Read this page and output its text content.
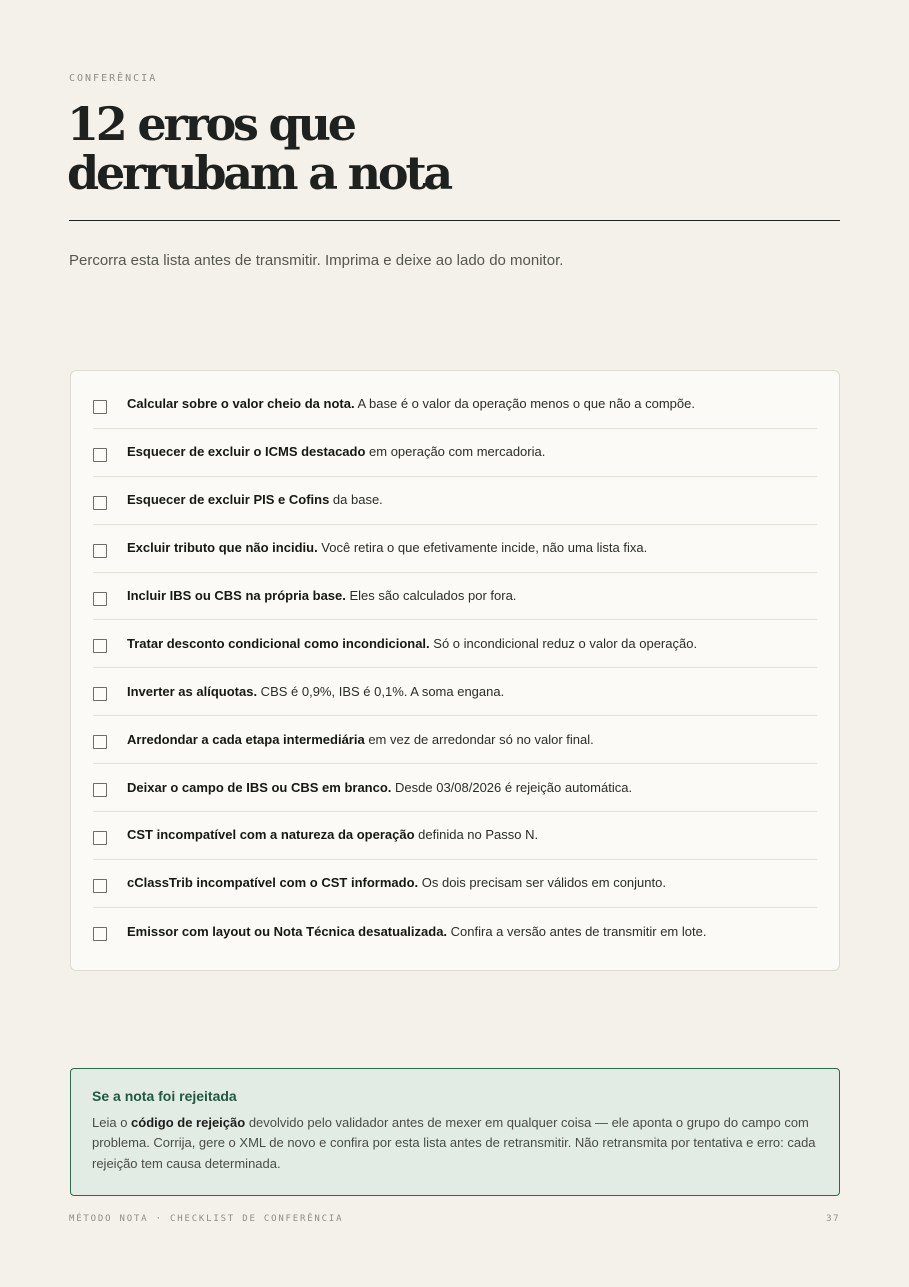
CONFERÊNCIA
12 erros que
derrubam a nota

Percorra esta lista antes de transmitir. Imprima e deixe ao lado do monitor.

Calcular sobre o valor cheio da nota. A base é o valor da operação menos o que não a compõe.
Esquecer de excluir o ICMS destacado em operação com mercadoria.
Esquecer de excluir PIS e Cofins da base.
Excluir tributo que não incidiu. Você retira o que efetivamente incide, não uma lista fixa.
Incluir IBS ou CBS na própria base. Eles são calculados por fora.
Tratar desconto condicional como incondicional. Só o incondicional reduz o valor da operação.
Inverter as alíquotas. CBS é 0,9%, IBS é 0,1%. A soma engana.
Arredondar a cada etapa intermediária em vez de arredondar só no valor final.
Deixar o campo de IBS ou CBS em branco. Desde 03/08/2026 é rejeição automática.
CST incompatível com a natureza da operação definida no Passo N.
cClassTrib incompatível com o CST informado. Os dois precisam ser válidos em conjunto.
Emissor com layout ou Nota Técnica desatualizada. Confira a versão antes de transmitir em lote.
Se a nota foi rejeitada

Leia o código de rejeição devolvido pelo validador antes de mexer em qualquer coisa — ele aponta o grupo do campo com problema. Corrija, gere o XML de novo e confira por esta lista antes de retransmitir. Não retransmita por tentativa e erro: cada rejeição tem causa determinada.

MÉTODO NOTA · CHECKLIST DE CONFERÊNCIA	37
